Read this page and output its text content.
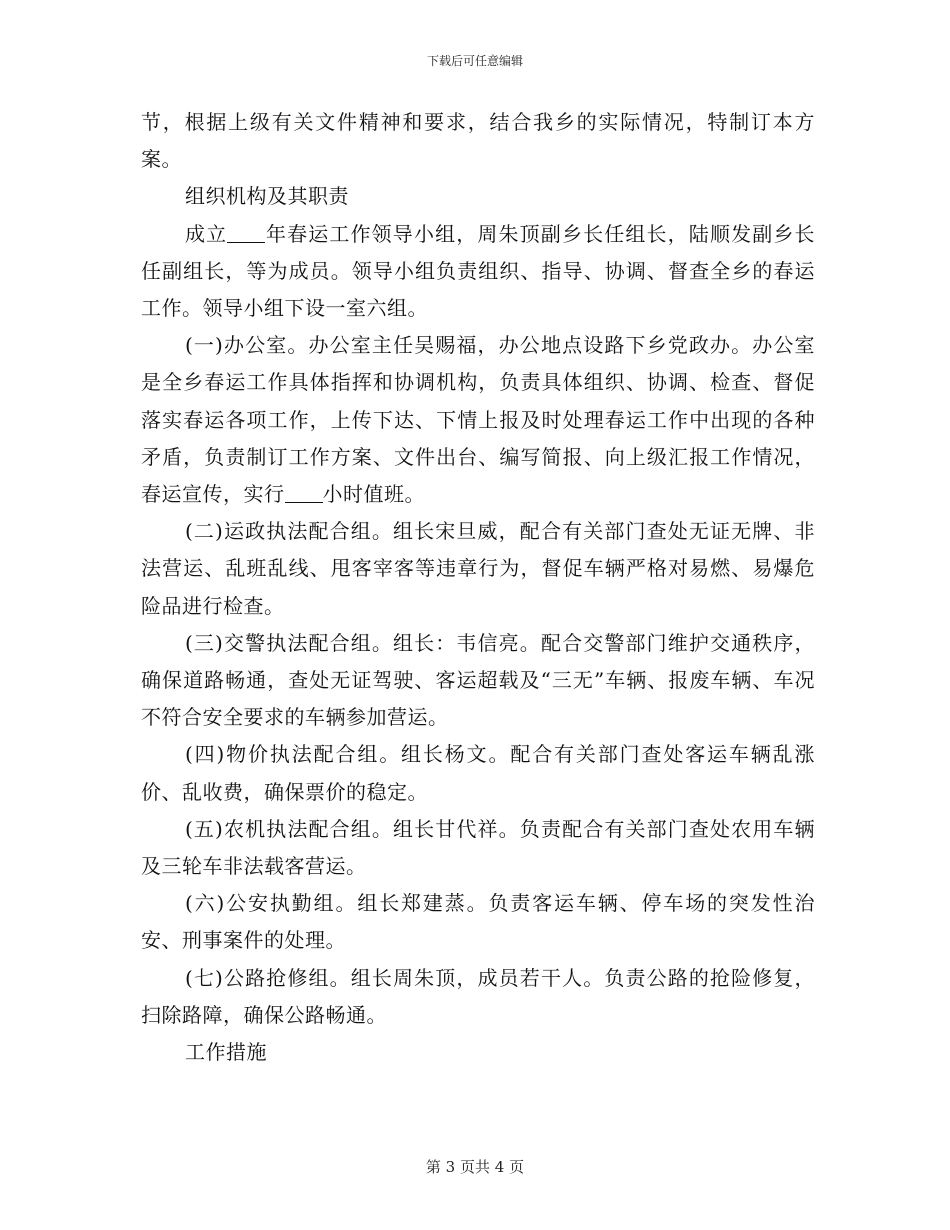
下载后可任意编辑

节，根据上级有关文件精神和要求，结合我乡的实际情况，特制订本方案。

组织机构及其职责

成立 年春运工作领导小组，周朱顶副乡长任组长，陆顺发副乡长任副组长，等为成员。领导小组负责组织、指导、协调、督查全乡的春运工作。领导小组下设一室六组。

(一)办公室。办公室主任吴赐福，办公地点设路下乡党政办。办公室是全乡春运工作具体指挥和协调机构，负责具体组织、协调、检查、督促落实春运各项工作，上传下达、下情上报及时处理春运工作中出现的各种矛盾，负责制订工作方案、文件出台、编写简报、向上级汇报工作情况，春运宣传，实行 小时值班。

(二)运政执法配合组。组长宋旦威，配合有关部门查处无证无牌、非法营运、乱班乱线、甩客宰客等违章行为，督促车辆严格对易燃、易爆危险品进行检查。

(三)交警执法配合组。组长：韦信亮。配合交警部门维护交通秩序，确保道路畅通，查处无证驾驶、客运超载及“三无”车辆、报废车辆、车况不符合安全要求的车辆参加营运。

(四)物价执法配合组。组长杨文。配合有关部门查处客运车辆乱涨价、乱收费，确保票价的稳定。

(五)农机执法配合组。组长甘代祥。负责配合有关部门查处农用车辆及三轮车非法载客营运。

(六)公安执勤组。组长郑建蒸。负责客运车辆、停车场的突发性治安、刑事案件的处理。

(七)公路抢修组。组长周朱顶，成员若干人。负责公路的抢险修复，扫除路障，确保公路畅通。

工作措施

第 3 页共 4 页
